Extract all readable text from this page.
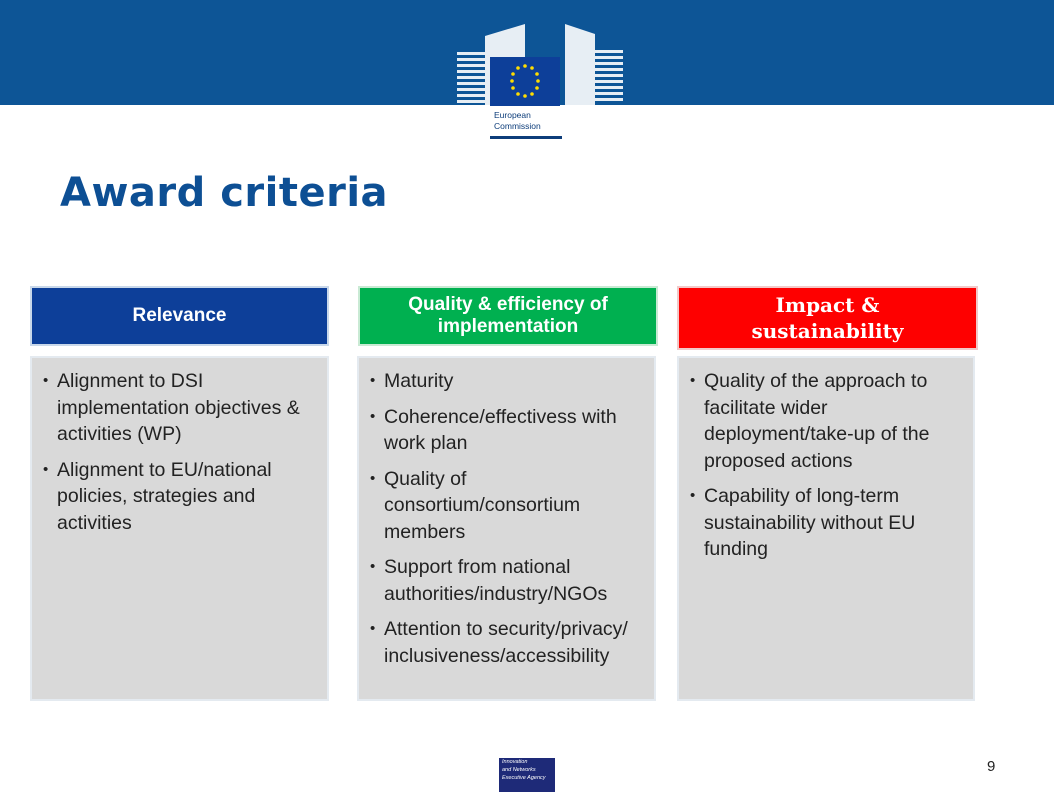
European
Commission
Award criteria
Relevance
Quality & efficiency of implementation
Impact &
sustainability
• Alignment to DSI implementation objectives & activities (WP)
• Alignment to EU/national policies, strategies and activities
• Maturity
• Coherence/effectivess with work plan
• Quality of consortium/consortium members
• Support from national authorities/industry/NGOs
• Attention to security/privacy/ inclusiveness/accessibility
• Quality of the approach to facilitate wider deployment/take-up of the proposed actions
• Capability of long-term sustainability without EU funding
Innovation
and Networks
Executive Agency
9
